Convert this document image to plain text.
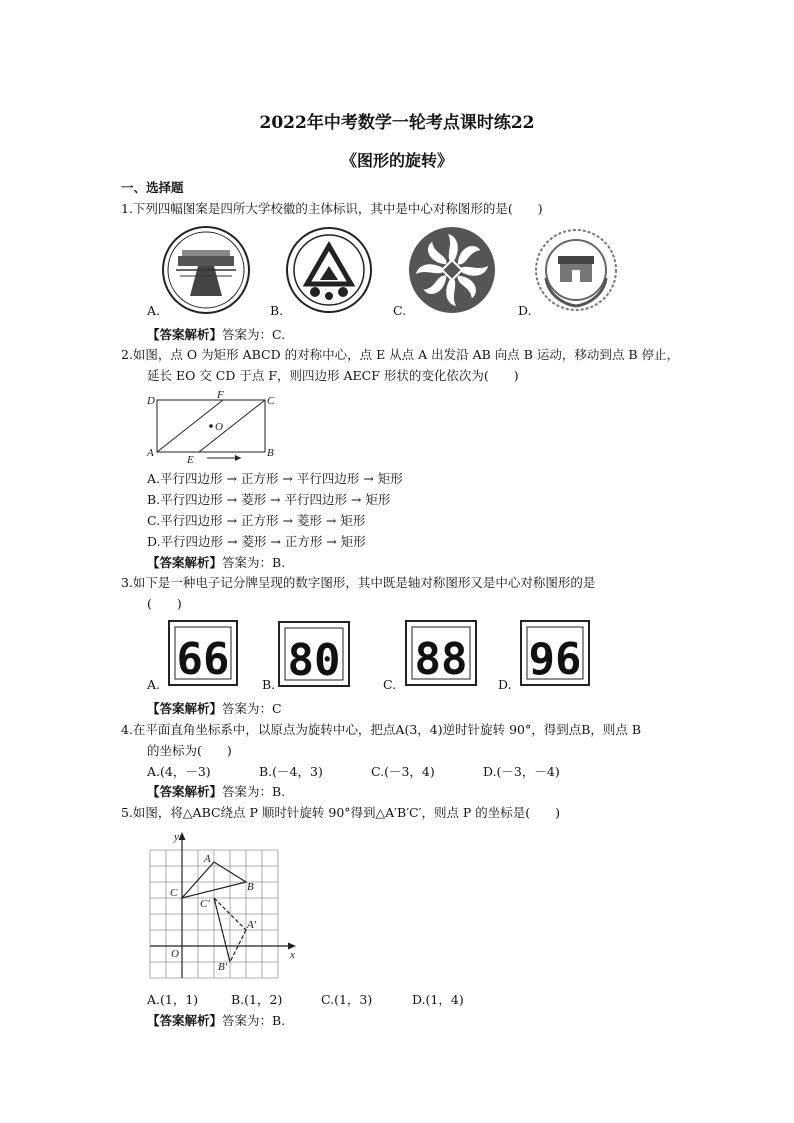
2022年中考数学一轮考点课时练22
《图形的旋转》
一、选择题
1.下列四幅图案是四所大学校徽的主体标识，其中是中心对称图形的是(　　)
A.	B.	C.	D.
【答案解析】答案为：C.
2.如图，点 O 为矩形 ABCD 的对称中心，点 E 从点 A 出发沿 AB 向点 B 运动，移动到点 B 停止，
延长 EO 交 CD 于点 F，则四边形 AECF 形状的变化依次为(　　)
D	F	C
O
A
E
B
A.平行四边形 → 正方形 → 平行四边形 → 矩形
B.平行四边形 → 菱形 → 平行四边形 → 矩形
C.平行四边形 → 正方形 → 菱形 → 矩形
D.平行四边形 → 菱形 → 正方形 → 矩形
【答案解析】答案为：B.
3.如下是一种电子记分牌呈现的数字图形，其中既是轴对称图形又是中心对称图形的是
(　　)
66 80 88 96
A.	B.	C.	D.
【答案解析】答案为：C
4.在平面直角坐标系中，以原点为旋转中心，把点A(3，4)逆时针旋转 90°，得到点B，则点 B
的坐标为(　　)
A.(4，－3)	B.(－4，3)	C.(－3，4)	D.(－3，－4)
【答案解析】答案为：B.
5.如图，将△ABC绕点 P 顺时针旋转 90°得到△A′B′C′，则点 P 的坐标是(　　)
y
x
O
A
B
C
A′
B′
C′
A.(1，1)	B.(1，2)	C.(1，3)	D.(1，4)
【答案解析】答案为：B.
